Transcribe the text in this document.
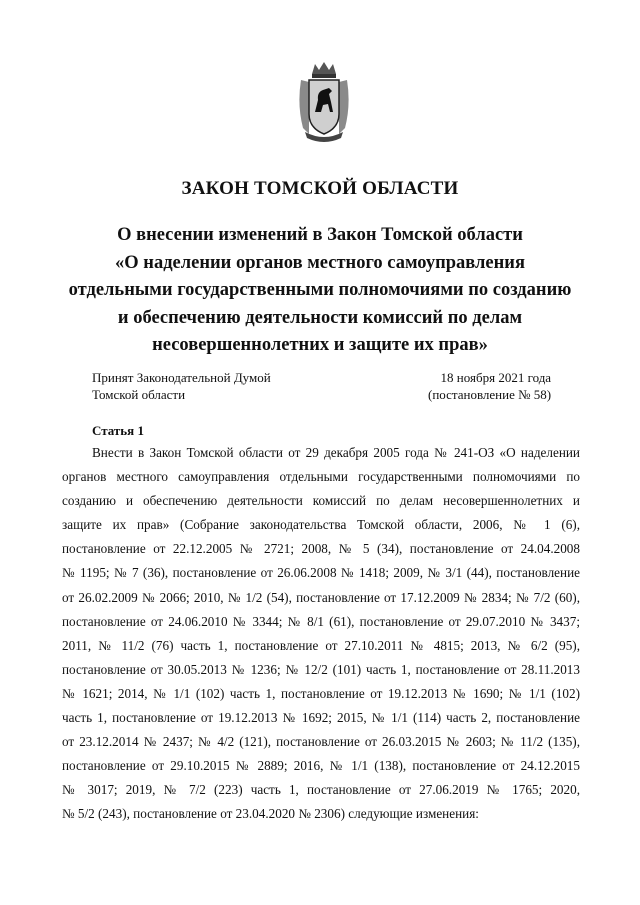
ЗАКОН ТОМСКОЙ ОБЛАСТИ
О внесении изменений в Закон Томской области
«О наделении органов местного самоуправления
отдельными государственными полномочиями по созданию
и обеспечению деятельности комиссий по делам
несовершеннолетних и защите их прав»
Принят Законодательной Думой
Томской области
18 ноября 2021 года
(постановление № 58)
Статья 1
Внести в Закон Томской области от 29 декабря 2005 года № 241-ОЗ «О наделении
органов местного самоуправления отдельными государственными полномочиями по
созданию и обеспечению деятельности комиссий по делам несовершеннолетних и
защите их прав» (Собрание законодательства Томской области, 2006, № 1 (6),
постановление от 22.12.2005 № 2721; 2008, № 5 (34), постановление от 24.04.2008
№ 1195; № 7 (36), постановление от 26.06.2008 № 1418; 2009, № 3/1 (44), постановление
от 26.02.2009 № 2066; 2010, № 1/2 (54), постановление от 17.12.2009 № 2834; № 7/2 (60),
постановление от 24.06.2010 № 3344; № 8/1 (61), постановление от 29.07.2010 № 3437;
2011, № 11/2 (76) часть 1, постановление от 27.10.2011 № 4815; 2013, № 6/2 (95),
постановление от 30.05.2013 № 1236; № 12/2 (101) часть 1, постановление от 28.11.2013
№ 1621; 2014, № 1/1 (102) часть 1, постановление от 19.12.2013 № 1690; № 1/1 (102)
часть 1, постановление от 19.12.2013 № 1692; 2015, № 1/1 (114) часть 2, постановление
от 23.12.2014 № 2437; № 4/2 (121), постановление от 26.03.2015 № 2603; № 11/2 (135),
постановление от 29.10.2015 № 2889; 2016, № 1/1 (138), постановление от 24.12.2015
№ 3017; 2019, № 7/2 (223) часть 1, постановление от 27.06.2019 № 1765; 2020,
№ 5/2 (243), постановление от 23.04.2020 № 2306) следующие изменения:
